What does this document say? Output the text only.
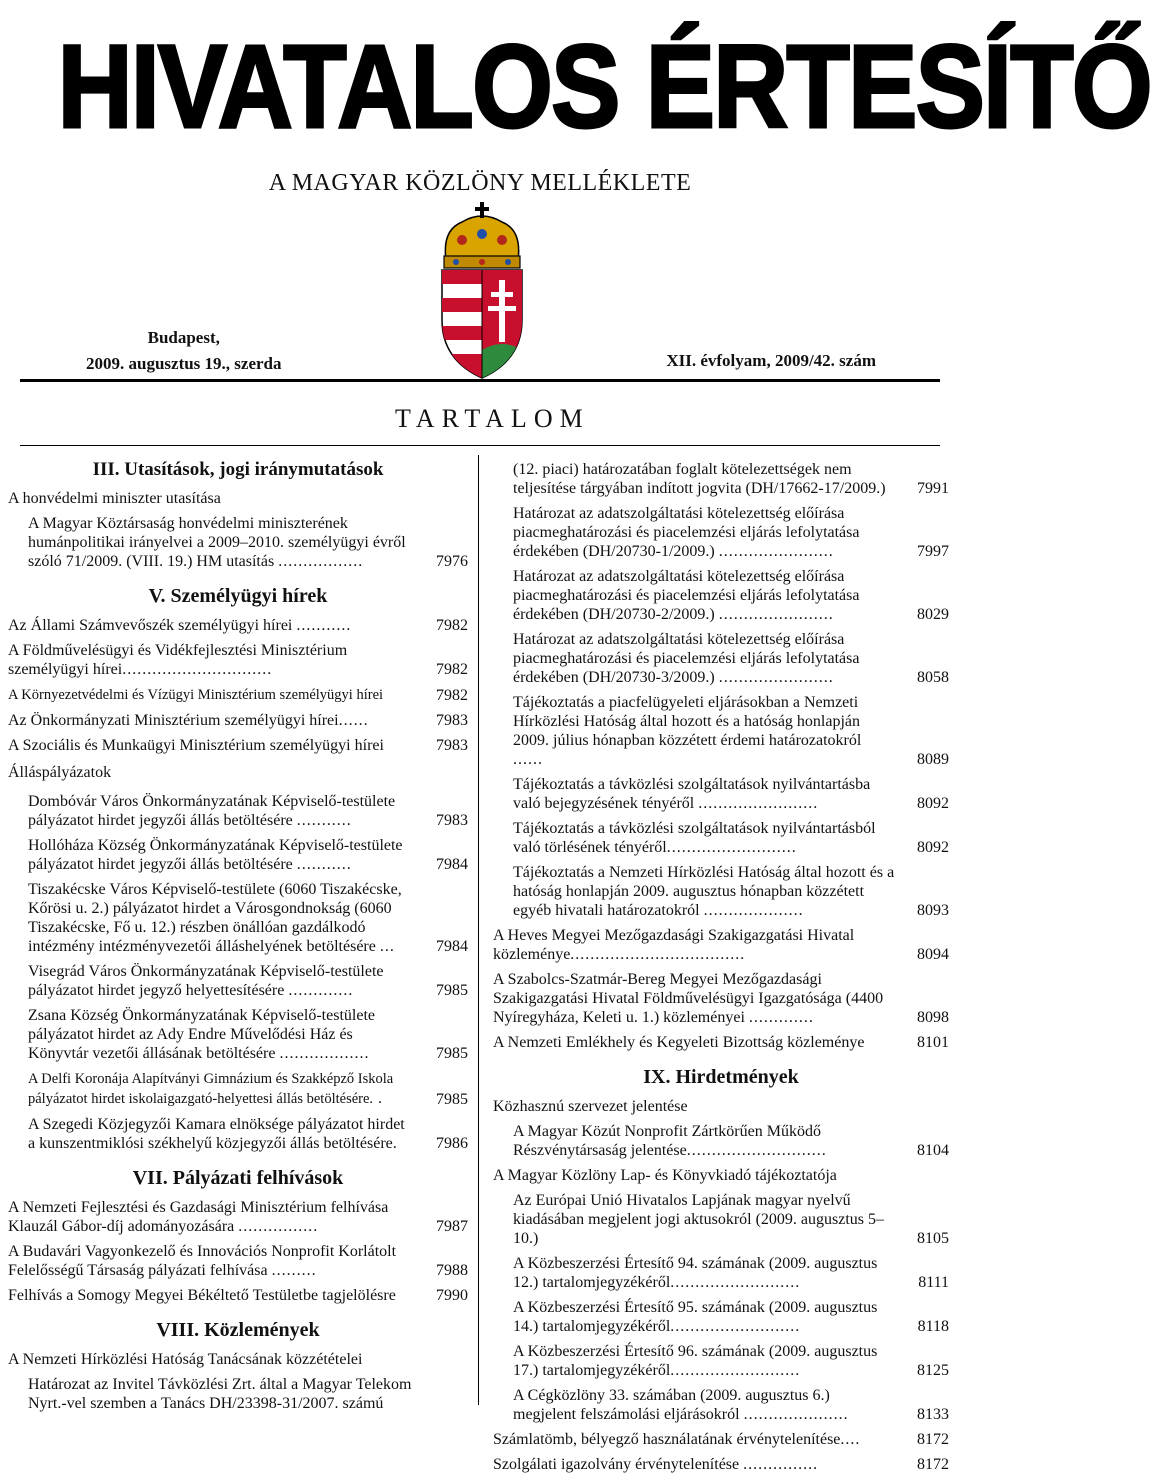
HIVATALOS ÉRTESÍTŐ
A MAGYAR KÖZLÖNY MELLÉKLETE
Budapest,
2009. augusztus 19., szerda	XII. évfolyam, 2009/42. szám
TARTALOM
III. Utasítások, jogi iránymutatások
A honvédelmi miniszter utasítása
A Magyar Köztársaság honvédelmi miniszterének humánpolitikai irányelvei a 2009–2010. személyügyi évről szóló 71/2009. (VIII. 19.) HM utasítás .................	7976
V. Személyügyi hírek
Az Állami Számvevőszék személyügyi hírei ...........	7982
A Földművelésügyi és Vidékfejlesztési Minisztérium személyügyi hírei..............................	7982
A Környezetvédelmi és Vízügyi Minisztérium személyügyi hírei	7982
Az Önkormányzati Minisztérium személyügyi hírei......	7983
A Szociális és Munkaügyi Minisztérium személyügyi hírei	7983
Álláspályázatok
Dombóvár Város Önkormányzatának Képviselő-testülete pályázatot hirdet jegyzői állás betöltésére ...........	7983
Hollóháza Község Önkormányzatának Képviselő-testülete pályázatot hirdet jegyzői állás betöltésére ...........	7984
Tiszakécske Város Képviselő-testülete (6060 Tiszakécske, Kőrösi u. 2.) pályázatot hirdet a Városgondnokság (6060 Tiszakécske, Fő u. 12.) részben önállóan gazdálkodó intézmény intézményvezetői álláshelyének betöltésére ...	7984
Visegrád Város Önkormányzatának Képviselő-testülete pályázatot hirdet jegyző helyettesítésére .............	7985
Zsana Község Önkormányzatának Képviselő-testülete pályázatot hirdet az Ady Endre Művelődési Ház és Könyvtár vezetői állásának betöltésére ..................	7985
A Delfi Koronája Alapítványi Gimnázium és Szakképző Iskola pályázatot hirdet iskolaigazgató-helyettesi állás betöltésére. .	7985
A Szegedi Közjegyzői Kamara elnöksége pályázatot hirdet a kunszentmiklósi székhelyű közjegyzői állás betöltésére. 7986
VII. Pályázati felhívások
A Nemzeti Fejlesztési és Gazdasági Minisztérium felhívása Klauzál Gábor-díj adományozására ................	7987
A Budavári Vagyonkezelő és Innovációs Nonprofit Korlátolt Felelősségű Társaság pályázati felhívása .........	7988
Felhívás a Somogy Megyei Békéltető Testületbe tagjelölésre	7990
VIII. Közlemények
A Nemzeti Hírközlési Hatóság Tanácsának közzétételei
Határozat az Invitel Távközlési Zrt. által a Magyar Telekom Nyrt.-vel szemben a Tanács DH/23398-31/2007. számú
(12. piaci) határozatában foglalt kötelezettségek nem teljesítése tárgyában indított jogvita (DH/17662-17/2009.) 7991
Határozat az adatszolgáltatási kötelezettség előírása piacmeghatározási és piacelemzési eljárás lefolytatása érdekében (DH/20730-1/2009.) .......................	7997
Határozat az adatszolgáltatási kötelezettség előírása piacmeghatározási és piacelemzési eljárás lefolytatása érdekében (DH/20730-2/2009.) .......................	8029
Határozat az adatszolgáltatási kötelezettség előírása piacmeghatározási és piacelemzési eljárás lefolytatása érdekében (DH/20730-3/2009.) .......................	8058
Tájékoztatás a piacfelügyeleti eljárásokban a Nemzeti Hírközlési Hatóság által hozott és a hatóság honlapján 2009. július hónapban közzétett érdemi határozatokról ......	8089
Tájékoztatás a távközlési szolgáltatások nyilvántartásba való bejegyzésének tényéről ........................	8092
Tájékoztatás a távközlési szolgáltatások nyilvántartásból való törlésének tényéről..........................	8092
Tájékoztatás a Nemzeti Hírközlési Hatóság által hozott és a hatóság honlapján 2009. augusztus hónapban közzétett egyéb hivatali határozatokról ....................	8093
A Heves Megyei Mezőgazdasági Szakigazgatási Hivatal közleménye...................................	8094
A Szabolcs-Szatmár-Bereg Megyei Mezőgazdasági Szakigazgatási Hivatal Földművelésügyi Igazgatósága (4400 Nyíregyháza, Keleti u. 1.) közleményei .............	8098
A Nemzeti Emlékhely és Kegyeleti Bizottság közleménye	8101
IX. Hirdetmények
Közhasznú szervezet jelentése
A Magyar Közút Nonprofit Zártkörűen Működő Részvénytársaság jelentése............................	8104
A Magyar Közlöny Lap- és Könyvkiadó tájékoztatója
Az Európai Unió Hivatalos Lapjának magyar nyelvű kiadásában megjelent jogi aktusokról (2009. augusztus 5–10.)	8105
A Közbeszerzési Értesítő 94. számának (2009. augusztus 12.) tartalomjegyzékéről..........................	8111
A Közbeszerzési Értesítő 95. számának (2009. augusztus 14.) tartalomjegyzékéről..........................	8118
A Közbeszerzési Értesítő 96. számának (2009. augusztus 17.) tartalomjegyzékéről..........................	8125
A Cégközlöny 33. számában (2009. augusztus 6.) megjelent felszámolási eljárásokról .....................	8133
Számlatömb, bélyegző használatának érvénytelenítése....	8172
Szolgálati igazolvány érvénytelenítése ...............	8172
